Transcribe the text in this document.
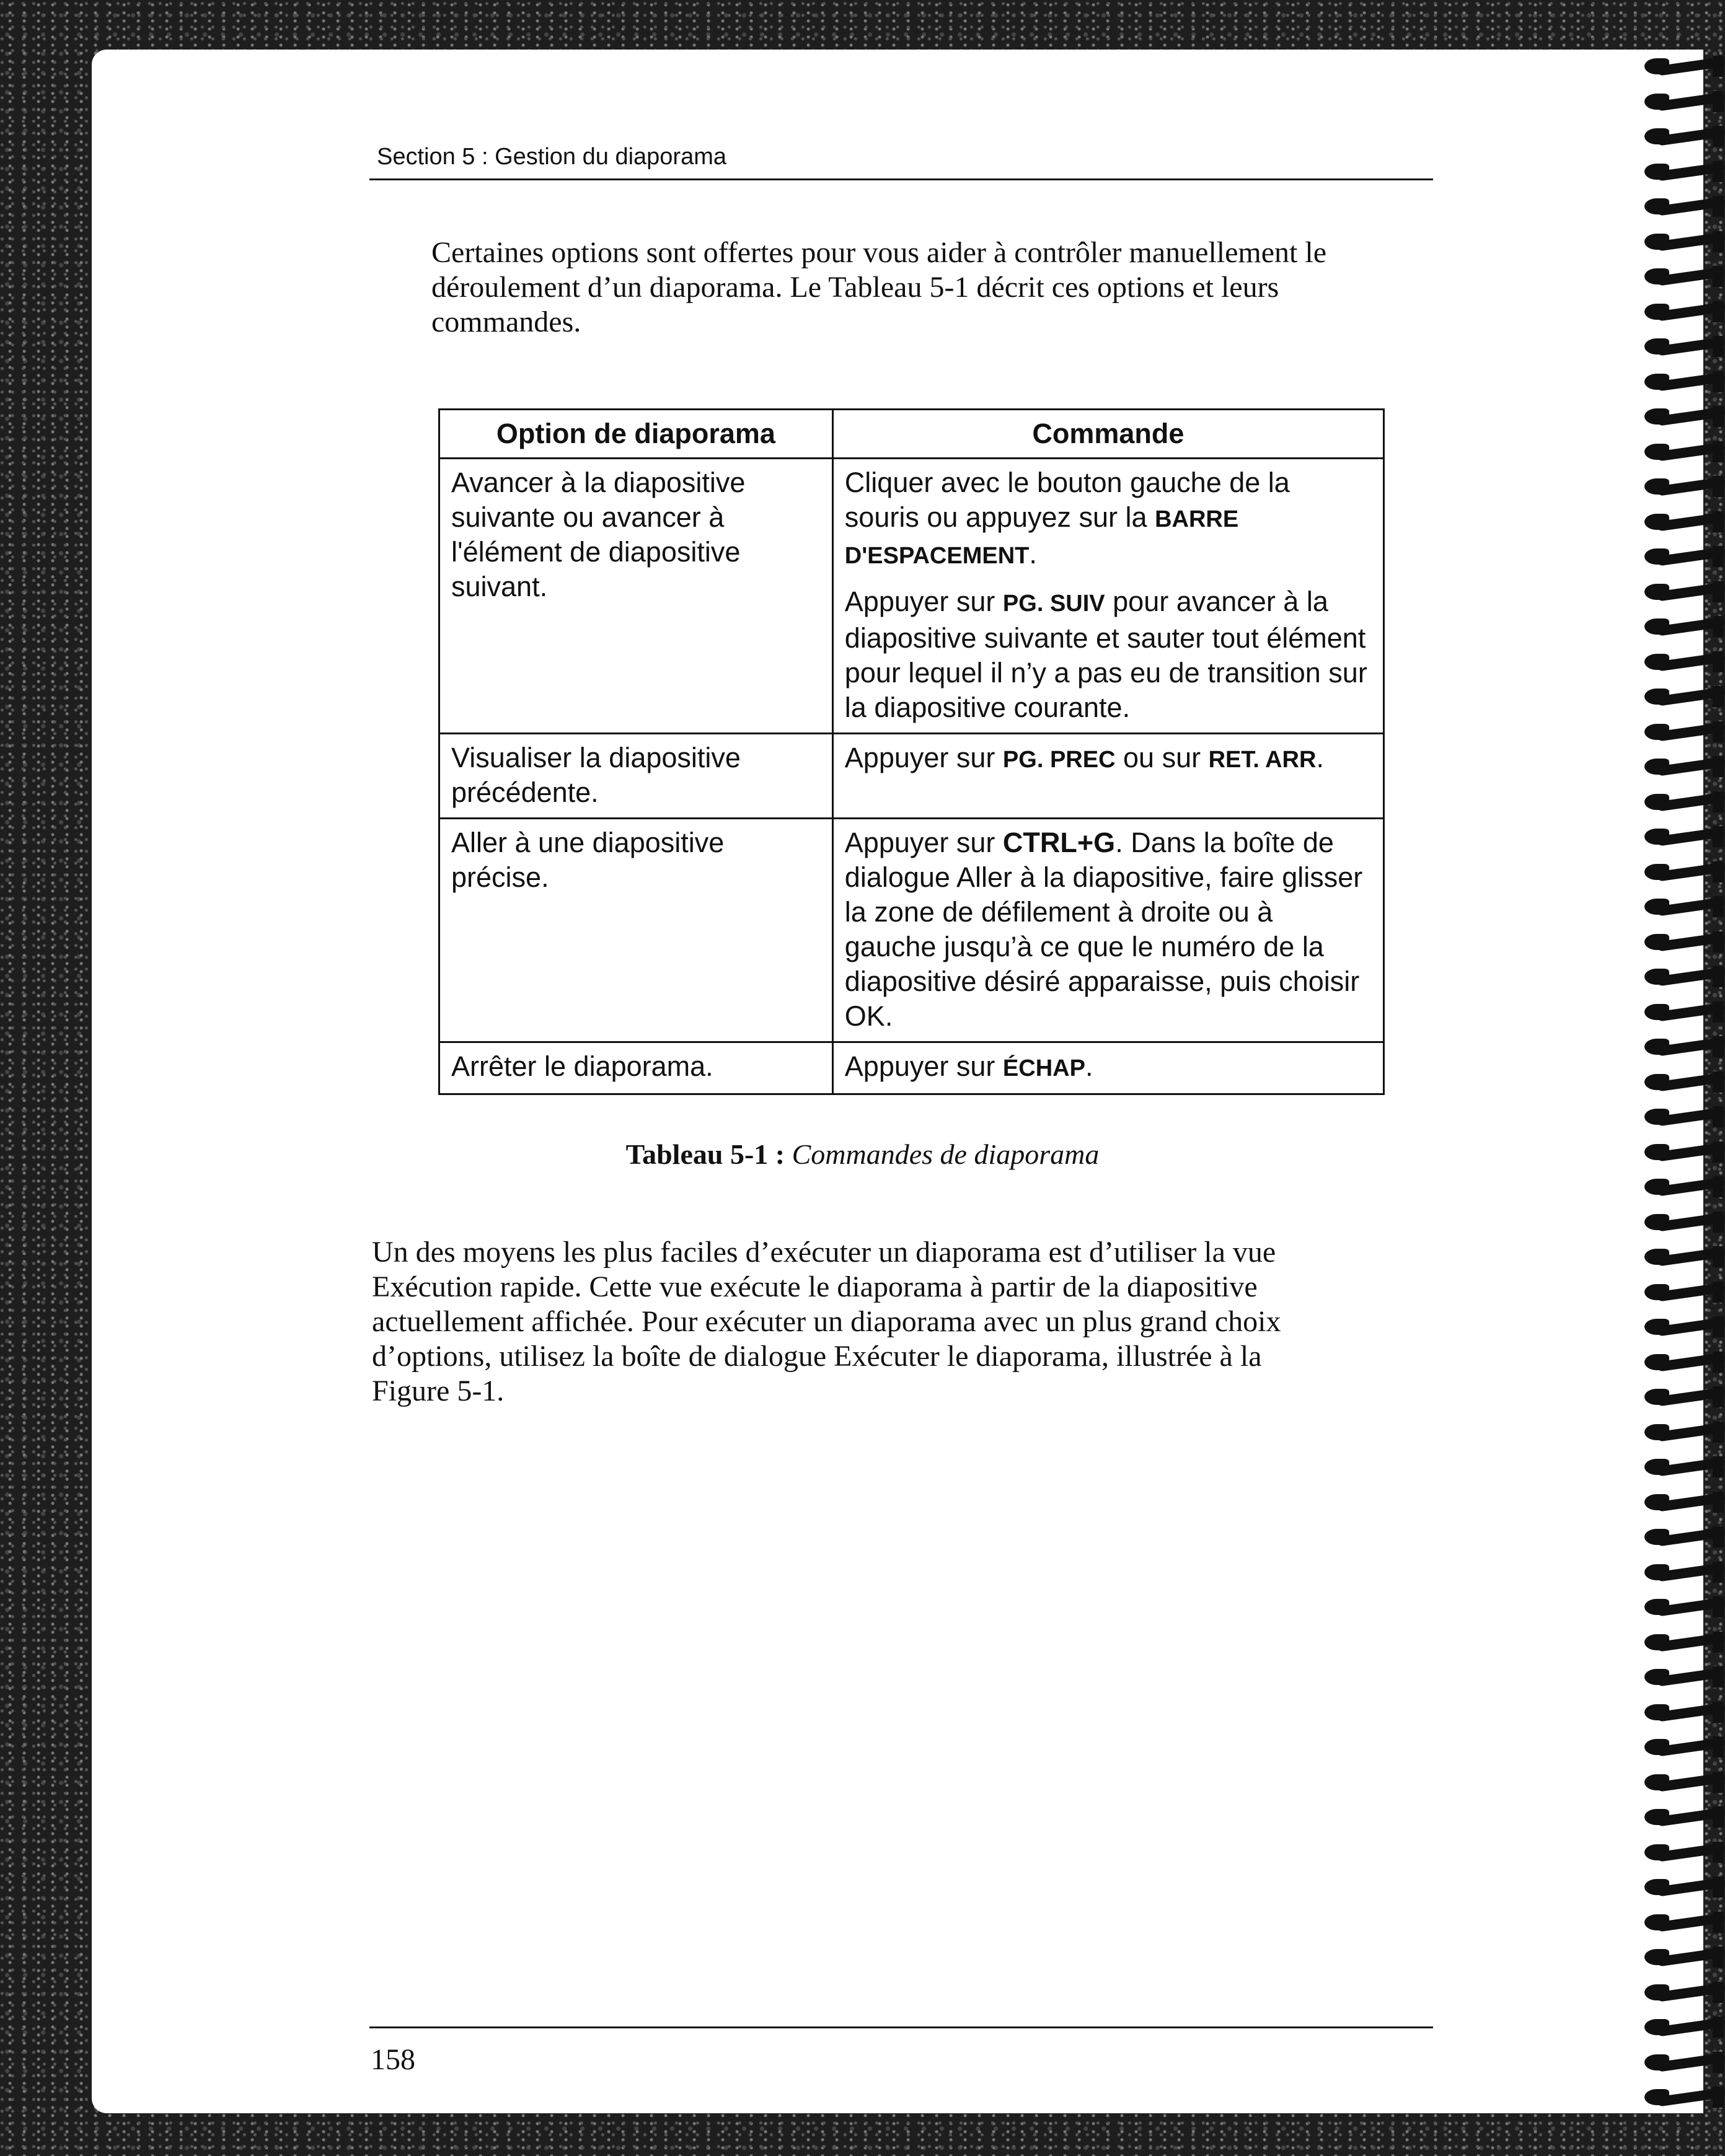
Section 5 : Gestion du diaporama

Certaines options sont offertes pour vous aider à contrôler manuellement le
déroulement d’un diaporama. Le Tableau 5-1 décrit ces options et leurs
commandes.

Option de diaporama	Commande
Avancer à la diapositive suivante ou avancer à l'élément de diapositive suivant.	Cliquer avec le bouton gauche de la souris ou appuyez sur la BARRE D'ESPACEMENT.

Appuyer sur PG. SUIV pour avancer à la diapositive suivante et sauter tout élément pour lequel il n’y a pas eu de transition sur la diapositive courante.

Visualiser la diapositive précédente.	Appuyer sur PG. PREC ou sur RET. ARR.

Aller à une diapositive précise.	Appuyer sur CTRL+G. Dans la boîte de dialogue Aller à la diapositive, faire glisser la zone de défilement à droite ou à gauche jusqu’à ce que le numéro de la diapositive désiré apparaisse, puis choisir OK.

Arrêter le diaporama.	Appuyer sur ÉCHAP.

Tableau 5-1 : Commandes de diaporama

Un des moyens les plus faciles d’exécuter un diaporama est d’utiliser la vue
Exécution rapide. Cette vue exécute le diaporama à partir de la diapositive
actuellement affichée. Pour exécuter un diaporama avec un plus grand choix
d’options, utilisez la boîte de dialogue Exécuter le diaporama, illustrée à la
Figure 5-1.

158
